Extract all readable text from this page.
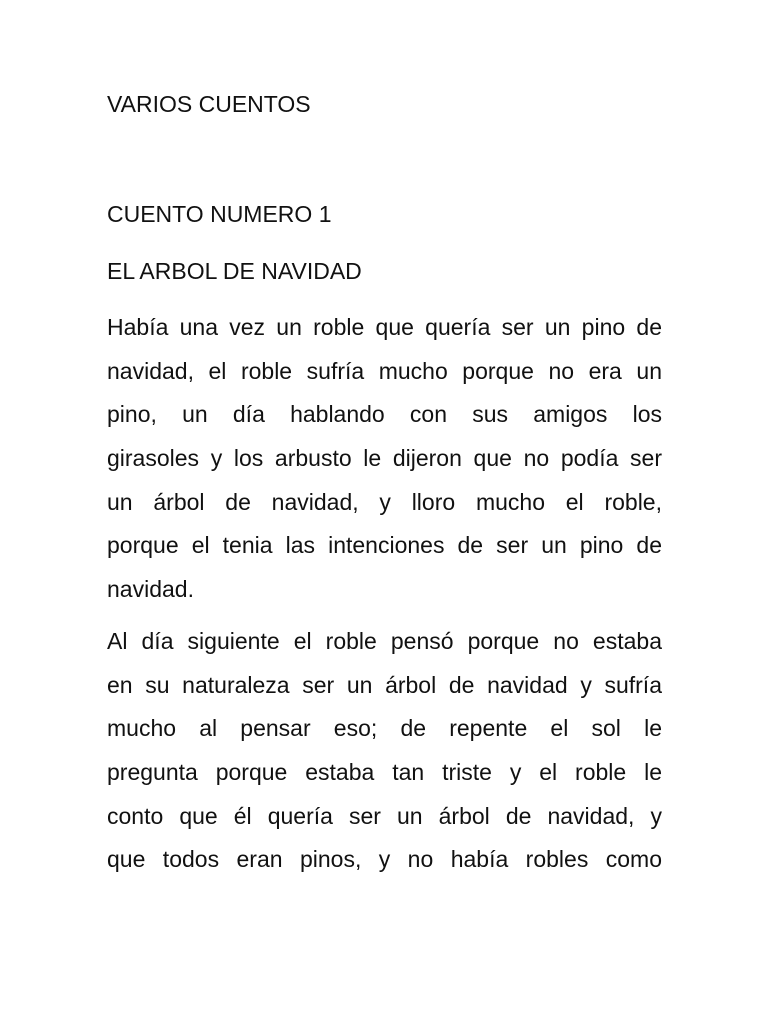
VARIOS CUENTOS
CUENTO NUMERO 1
EL ARBOL DE NAVIDAD

Había una vez un roble que quería ser un pino de
navidad, el roble sufría mucho porque no era un
pino, un día hablando con sus amigos los
girasoles y los arbusto le dijeron que no podía ser
un árbol de navidad, y lloro mucho el roble,
porque el tenia las intenciones de ser un pino de
navidad.

Al día siguiente el roble pensó porque no estaba
en su naturaleza ser un árbol de navidad y sufría
mucho al pensar eso; de repente el sol le
pregunta porque estaba tan triste y el roble le
conto que él quería ser un árbol de navidad, y
que todos eran pinos, y no había robles como
